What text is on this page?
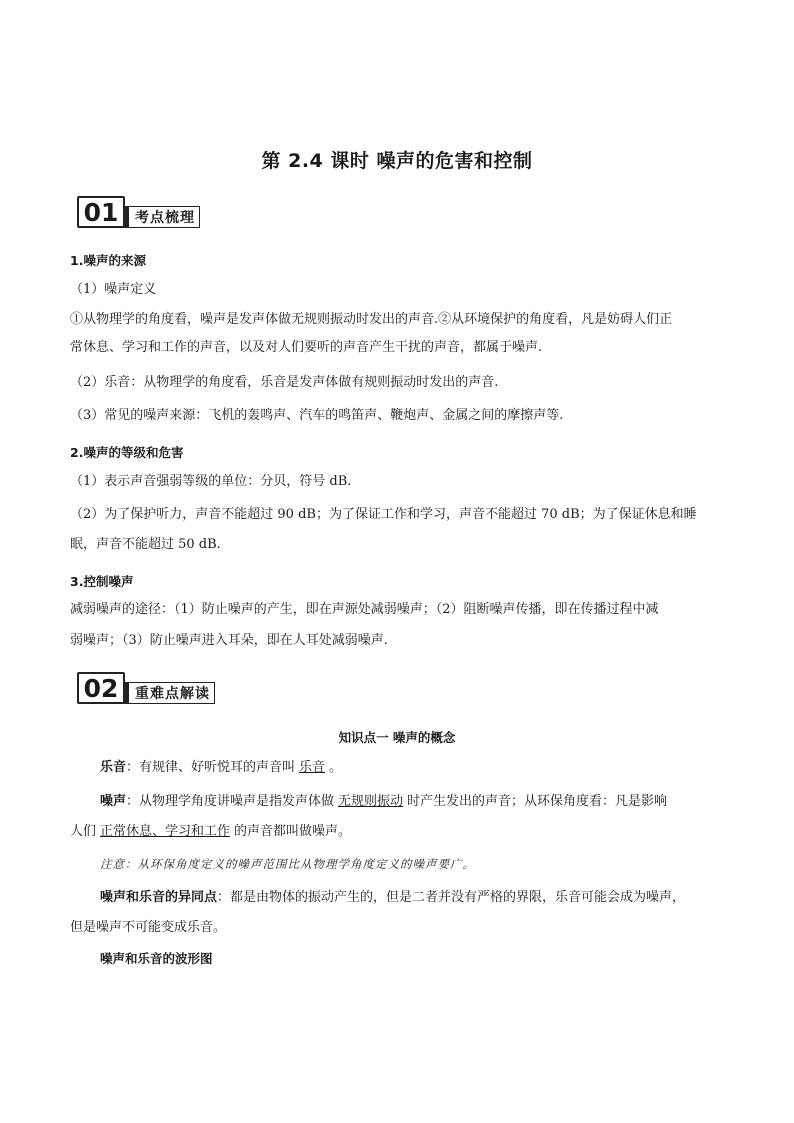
第 2.4 课时 噪声的危害和控制
01	考点梳理
1.噪声的来源
（1）噪声定义
①从物理学的角度看，噪声是发声体做无规则振动时发出的声音.②从环境保护的角度看，凡是妨碍人们正
常休息、学习和工作的声音，以及对人们要听的声音产生干扰的声音，都属于噪声.
（2）乐音：从物理学的角度看，乐音是发声体做有规则振动时发出的声音.
（3）常见的噪声来源：飞机的轰鸣声、汽车的鸣笛声、鞭炮声、金属之间的摩擦声等.
2.噪声的等级和危害
（1）表示声音强弱等级的单位：分贝，符号 dB.
（2）为了保护听力，声音不能超过 90 dB；为了保证工作和学习，声音不能超过 70 dB；为了保证休息和睡
眠，声音不能超过 50 dB.
3.控制噪声
减弱噪声的途径：（1）防止噪声的产生，即在声源处减弱噪声；（2）阻断噪声传播，即在传播过程中减
弱噪声；（3）防止噪声进入耳朵，即在人耳处减弱噪声.
02	重难点解读
知识点一 噪声的概念
乐音：有规律、好听悦耳的声音叫 乐音 。
噪声：从物理学角度讲噪声是指发声体做 无规则振动 时产生发出的声音；从环保角度看：凡是影响
人们 正常休息、学习和工作 的声音都叫做噪声。
注意：从环保角度定义的噪声范围比从物理学角度定义的噪声要广。
噪声和乐音的异同点：都是由物体的振动产生的，但是二者并没有严格的界限，乐音可能会成为噪声，
但是噪声不可能变成乐音。
噪声和乐音的波形图
